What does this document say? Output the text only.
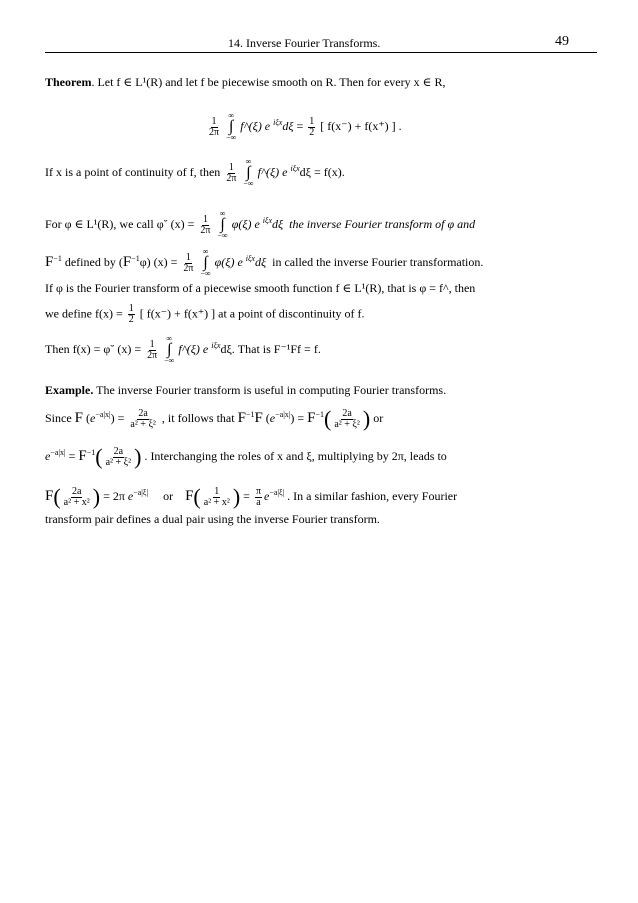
14. Inverse Fourier Transforms.	49
Theorem. Let f ∈ L¹(R) and let f be piecewise smooth on R. Then for every x ∈ R,
$\frac{1}{2\pi}$

∞
∫
−∞
f^(ξ) e $^{i\xi x}d\xi = \frac{1}{2}$ [ f(x⁻) + f(x⁺) ] .
If x is a point of continuity of f, then $\frac{1}{2\pi}$

∞
∫
−∞
f^(ξ) e $^{i\xi x}$dξ = f(x).
For φ ∈ L¹(R), we call φ˘ $(x) = \frac{1}{2\pi}$

∞
∫
−∞
φ(ξ) e $^{i\xi x}$dξ the inverse Fourier transform of φ and
$F^{-1}$ defined by $(F^{-1}\varphi) (x) = \frac{1}{2\pi}$

∞
∫
−∞
φ(ξ) e $^{i\xi x}$dξ in called the inverse Fourier transformation.
If φ is the Fourier transform of a piecewise smooth function f ∈ L¹(R), that is φ = f^, then
we define $f(x) = \frac{1}{2}$ [ f(x⁻) + f(x⁺) ] at a point of discontinuity of f.
Then f(x) = φ˘ $(x) = \frac{1}{2\pi}$

∞
∫
−∞
f^(ξ) e $^{i\xi x}$dξ. That is F⁻¹Ff = f.
Example. The inverse Fourier transform is useful in computing Fourier transforms.
Since F $(e^{-a|x|}) = \frac{2a}{\text{a² + ξ²}}$ , it follows that $F^{-1}F$ $(e^{-a|x|}) = F^{-1}( \frac{2a}{\text{a² + ξ²}}$ ) or
$e^{-a|x|} = F^{-1}( \frac{2a}{\text{a² + ξ²}}$ ) . Interchanging the roles of x and ξ, multiplying by 2π, leads to
$F( \frac{2a}{\text{a² + x²}}$ ) = 2π $e^{-a|\xi|}$ or $F( \frac{1}{\text{a² + x²}}$ ) = $\frac{\pi}{a} e^{-a|\xi|}$ . In a similar fashion, every Fourier
transform pair defines a dual pair using the inverse Fourier transform.
